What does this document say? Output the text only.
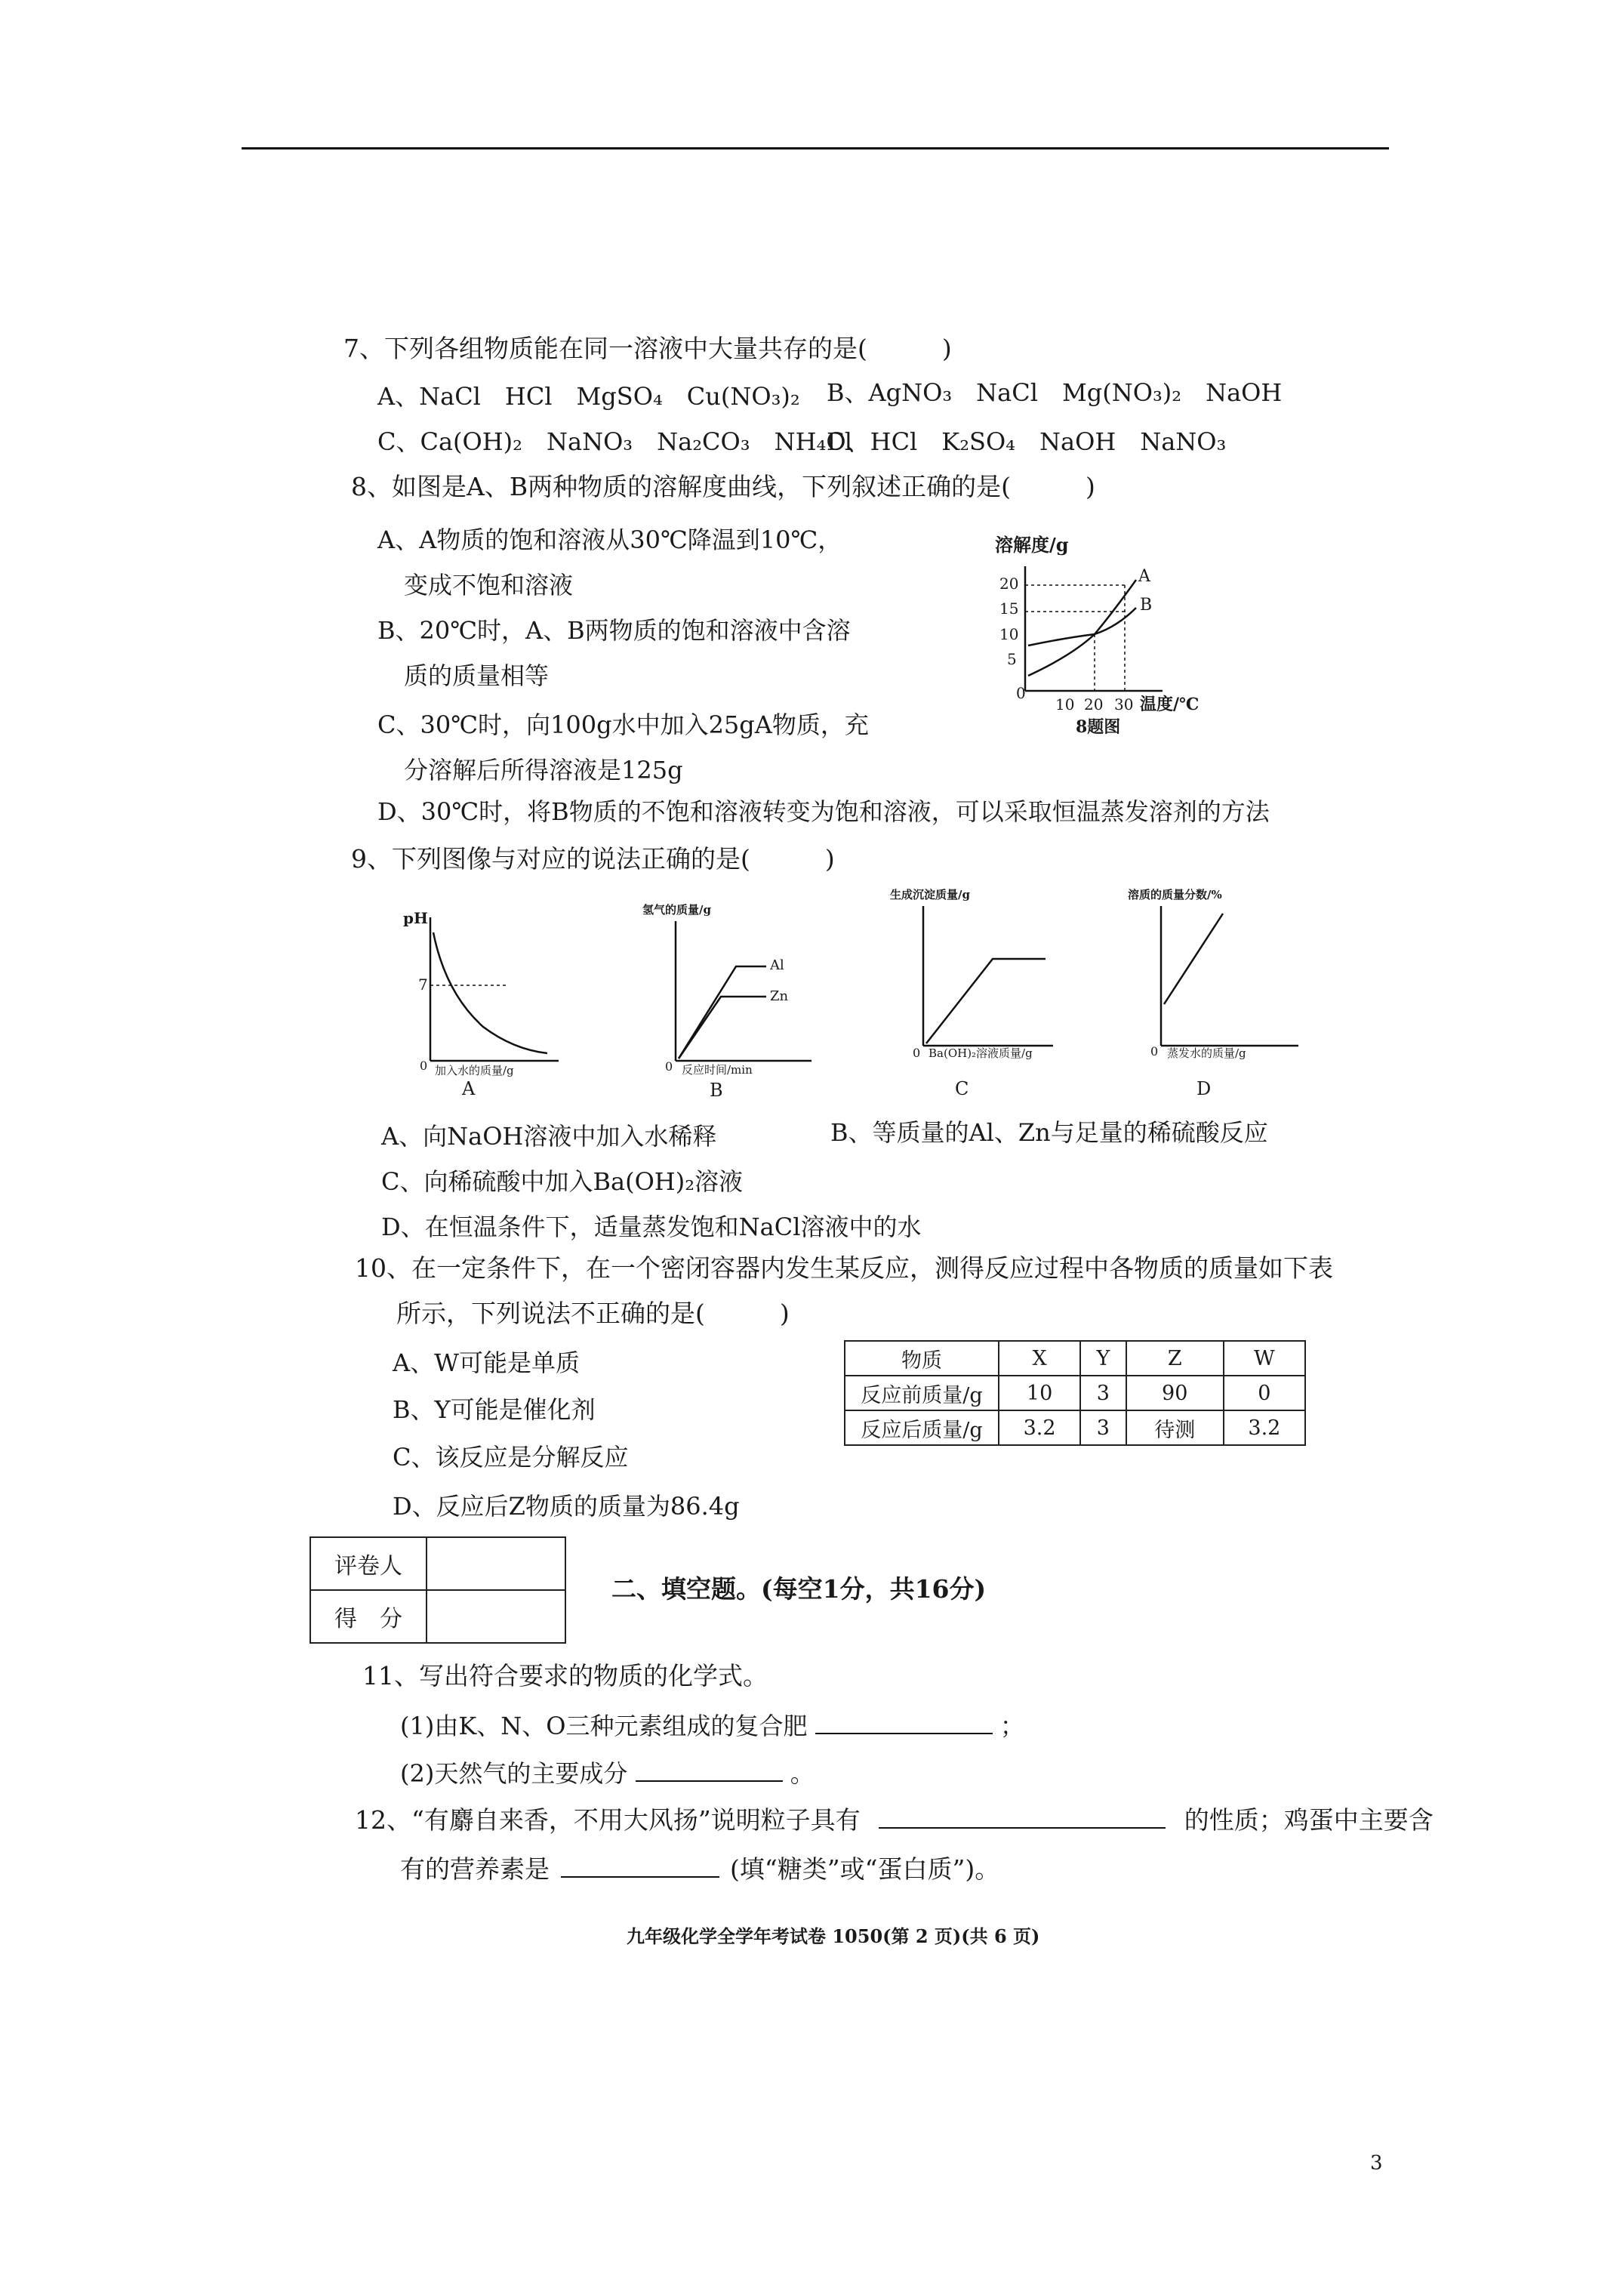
7、下列各组物质能在同一溶液中大量共存的是(　　　)
A、NaCl　HCl　MgSO₄　Cu(NO₃)₂ B、AgNO₃　NaCl　Mg(NO₃)₂　NaOH
C、Ca(OH)₂　NaNO₃　Na₂CO₃　NH₄Cl
D、HCl　K₂SO₄　NaOH　NaNO₃
8、如图是A、B两种物质的溶解度曲线，下列叙述正确的是(　　　)
A、A物质的饱和溶液从30℃降温到10℃，
变成不饱和溶液
B、20℃时，A、B两物质的饱和溶液中含溶
质的质量相等
C、30℃时，向100g水中加入25gA物质，充
分溶解后所得溶液是125g
D、30℃时，将B物质的不饱和溶液转变为饱和溶液，可以采取恒温蒸发溶剂的方法
溶解度/g
20
15
10
5
0
A
B
10 20 30 温度/℃
8题图
9、下列图像与对应的说法正确的是(　　　)
pH
7
0 加入水的质量/g
A
氢气的质量/g
Al
Zn
0 反应时间/min
B
生成沉淀质量/g
0 Ba(OH)₂溶液质量/g
C
溶质的质量分数/%
0 蒸发水的质量/g
D
A、向NaOH溶液中加入水稀释	B、等质量的Al、Zn与足量的稀硫酸反应
C、向稀硫酸中加入Ba(OH)₂溶液
D、在恒温条件下，适量蒸发饱和NaCl溶液中的水
10、在一定条件下，在一个密闭容器内发生某反应，测得反应过程中各物质的质量如下表
所示，下列说法不正确的是(　　　)
A、W可能是单质
B、Y可能是催化剂
C、该反应是分解反应
D、反应后Z物质的质量为86.4g
物质	X	Y	Z	W
反应前质量/g	10	3	90	0
反应后质量/g	3.2	3	待测	3.2
评卷人	
得　分	
二、填空题。(每空1分，共16分)
11、写出符合要求的物质的化学式。
(1)由K、N、O三种元素组成的复合肥	；
(2)天然气的主要成分	。
12、“有麝自来香，不用大风扬”说明粒子具有	的性质；鸡蛋中主要含
有的营养素是	(填“糖类”或“蛋白质”)。
九年级化学全学年考试卷 1050(第 2 页)(共 6 页)
3
